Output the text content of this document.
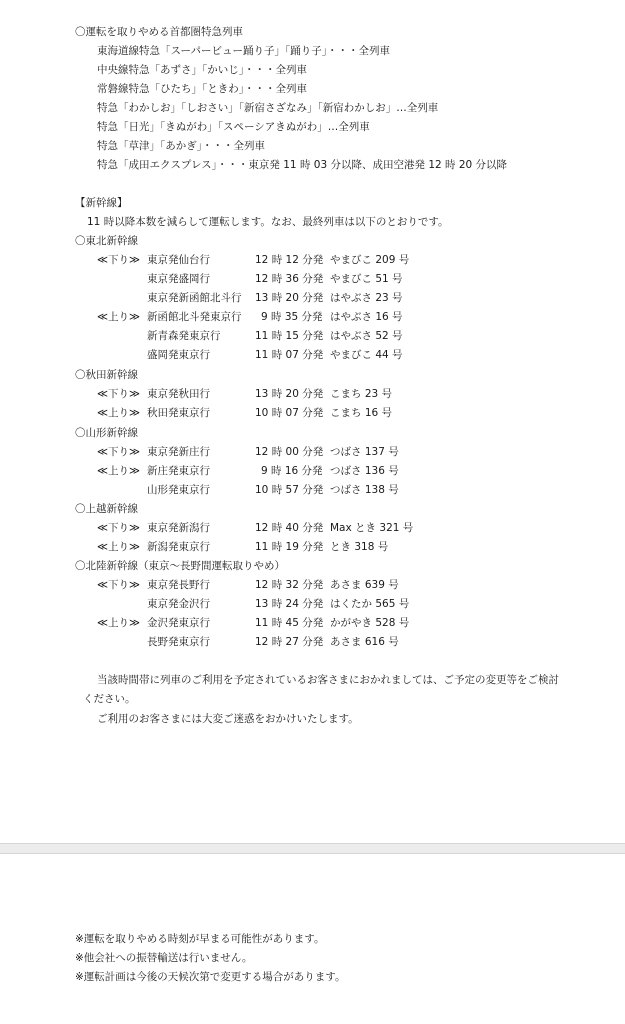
〇運転を取りやめる首都圏特急列車
東海道線特急「スーパービュー踊り子」「踊り子」・・・全列車
中央線特急「あずさ」「かいじ」・・・全列車
常磐線特急「ひたち」「ときわ」・・・全列車
特急「わかしお」「しおさい」「新宿さざなみ」「新宿わかしお」…全列車
特急「日光」「きぬがわ」「スペーシアきぬがわ」…全列車
特急「草津」「あかぎ」・・・全列車
特急「成田エクスプレス」・・・東京発 11 時 03 分以降、成田空港発 12 時 20 分以降
【新幹線】
11 時以降本数を減らして運転します。なお、最終列車は以下のとおりです。
〇東北新幹線
≪下り≫ 東京発仙台行	12 時 12 分発 やまびこ 209 号
東京発盛岡行	12 時 36 分発 やまびこ 51 号
東京発新函館北斗行 13 時 20 分発 はやぶさ 23 号
≪上り≫ 新函館北斗発東京行 9 時 35 分発 はやぶさ 16 号
新青森発東京行	11 時 15 分発 はやぶさ 52 号
盛岡発東京行	11 時 07 分発 やまびこ 44 号
〇秋田新幹線
≪下り≫ 東京発秋田行	13 時 20 分発 こまち 23 号
≪上り≫ 秋田発東京行	10 時 07 分発 こまち 16 号
〇山形新幹線
≪下り≫ 東京発新庄行	12 時 00 分発 つばさ 137 号
≪上り≫ 新庄発東京行	9 時 16 分発 つばさ 136 号
山形発東京行	10 時 57 分発 つばさ 138 号
〇上越新幹線
≪下り≫ 東京発新潟行	12 時 40 分発 Max とき 321 号
≪上り≫ 新潟発東京行	11 時 19 分発 とき 318 号
〇北陸新幹線（東京～長野間運転取りやめ）
≪下り≫ 東京発長野行	12 時 32 分発 あさま 639 号
東京発金沢行	13 時 24 分発 はくたか 565 号
≪上り≫ 金沢発東京行	11 時 45 分発 かがやき 528 号
長野発東京行	12 時 27 分発 あさま 616 号
当該時間帯に列車のご利用を予定されているお客さまにおかれましては、ご予定の変更等をご検討ください。
ご利用のお客さまには大変ご迷惑をおかけいたします。
※運転を取りやめる時刻が早まる可能性があります。
※他会社への振替輸送は行いません。
※運転計画は今後の天候次第で変更する場合があります。
